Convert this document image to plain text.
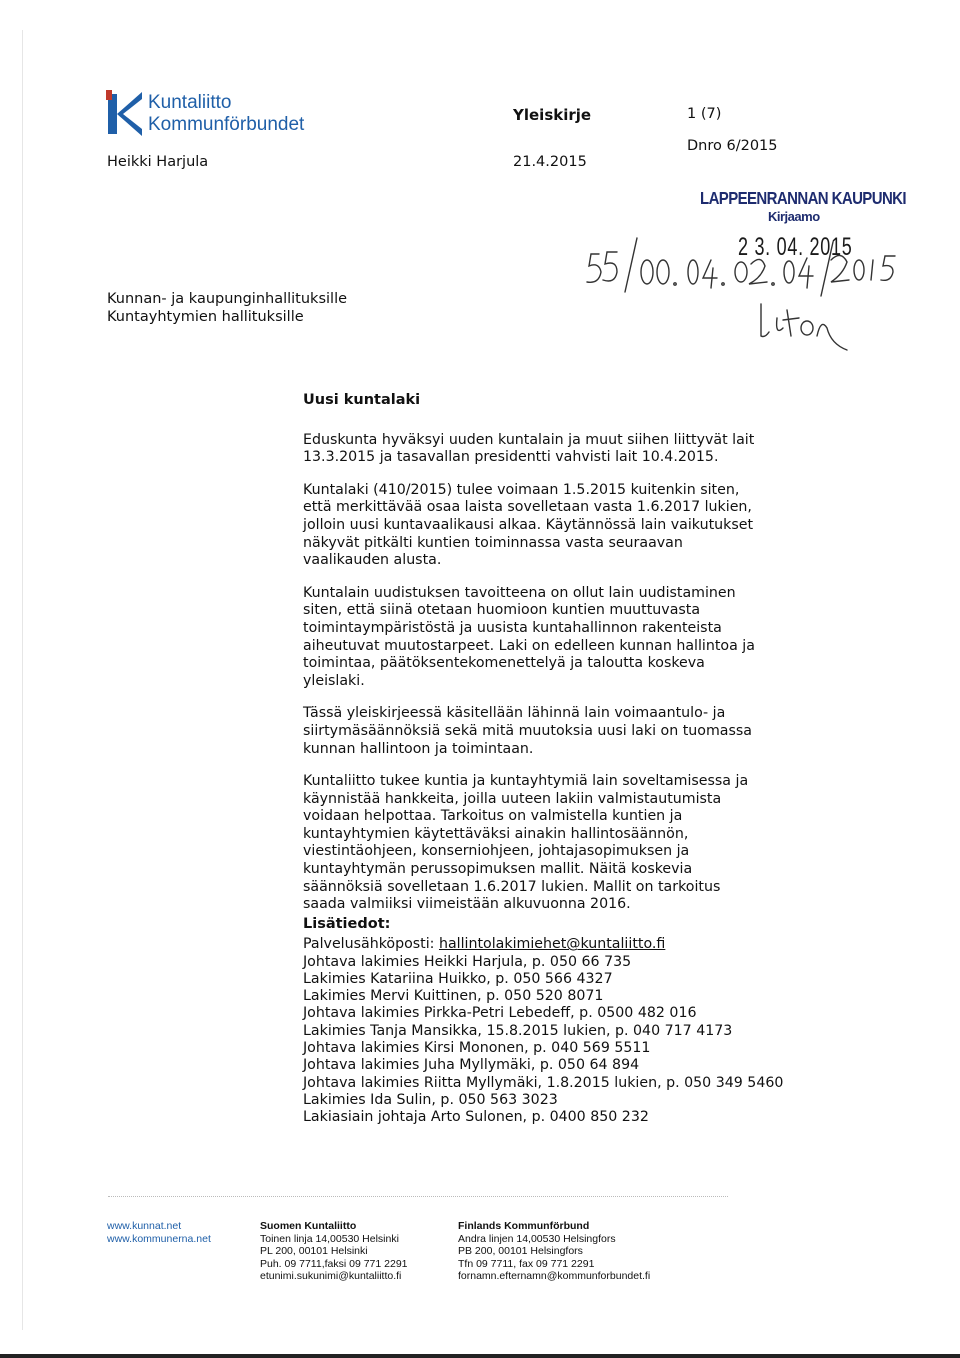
Kuntaliitto
Kommunförbundet
Heikki Harjula
Yleiskirje
21.4.2015
1 (7)
Dnro 6/2015
LAPPEENRANNAN KAUPUNKI
Kirjaamo
2 3. 04. 2015
Kunnan- ja kaupunginhallituksille
Kuntayhtymien hallituksille
Uusi kuntalaki

Eduskunta hyväksyi uuden kuntalain ja muut siihen liittyvät lait 13.3.2015 ja tasavallan presidentti vahvisti lait 10.4.2015.

Kuntalaki (410/2015) tulee voimaan 1.5.2015 kuitenkin siten, että merkittävää osaa laista sovelletaan vasta 1.6.2017 lukien, jolloin uusi kuntavaalikausi alkaa. Käytännössä lain vaikutukset näkyvät pitkälti kuntien toiminnassa vasta seuraavan vaalikauden alusta.

Kuntalain uudistuksen tavoitteena on ollut lain uudistaminen siten, että siinä otetaan huomioon kuntien muuttuvasta toimintaympäristöstä ja uusista kuntahallinnon rakenteista aiheutuvat muutostarpeet. Laki on edelleen kunnan hallintoa ja toimintaa, päätöksentekomenettelyä ja taloutta koskeva yleislaki.

Tässä yleiskirjeessä käsitellään lähinnä lain voimaantulo- ja siirtymäsäännöksiä sekä mitä muutoksia uusi laki on tuomassa kunnan hallintoon ja toimintaan.

Kuntaliitto tukee kuntia ja kuntayhtymiä lain soveltamisessa ja käynnistää hankkeita, joilla uuteen lakiin valmistautumista voidaan helpottaa. Tarkoitus on valmistella kuntien ja kuntayhtymien käytettäväksi ainakin hallintosäännön, viestintäohjeen, konserniohjeen, johtajasopimuksen ja kuntayhtymän perussopimuksen mallit. Näitä koskevia säännöksiä sovelletaan 1.6.2017 lukien. Mallit on tarkoitus saada valmiiksi viimeistään alkuvuonna 2016.

Lisätiedot:
Palvelusähköposti: hallintolakimiehet@kuntaliitto.fi
Johtava lakimies Heikki Harjula, p. 050 66 735
Lakimies Katariina Huikko, p. 050 566 4327
Lakimies Mervi Kuittinen, p. 050 520 8071
Johtava lakimies Pirkka-Petri Lebedeff, p. 0500 482 016
Lakimies Tanja Mansikka, 15.8.2015 lukien, p. 040 717 4173
Johtava lakimies Kirsi Mononen, p. 040 569 5511
Johtava lakimies Juha Myllymäki, p. 050 64 894
Johtava lakimies Riitta Myllymäki, 1.8.2015 lukien, p. 050 349 5460
Lakimies Ida Sulin, p. 050 563 3023
Lakiasiain johtaja Arto Sulonen, p. 0400 850 232
www.kunnat.net
www.kommunerna.net
Suomen Kuntaliitto
Toinen linja 14,00530 Helsinki
PL 200, 00101 Helsinki
Puh. 09 7711,faksi 09 771 2291
etunimi.sukunimi@kuntaliitto.fi
Finlands Kommunförbund
Andra linjen 14,00530 Helsingfors
PB 200, 00101 Helsingfors
Tfn 09 7711, fax 09 771 2291
fornamn.efternamn@kommunforbundet.fi
